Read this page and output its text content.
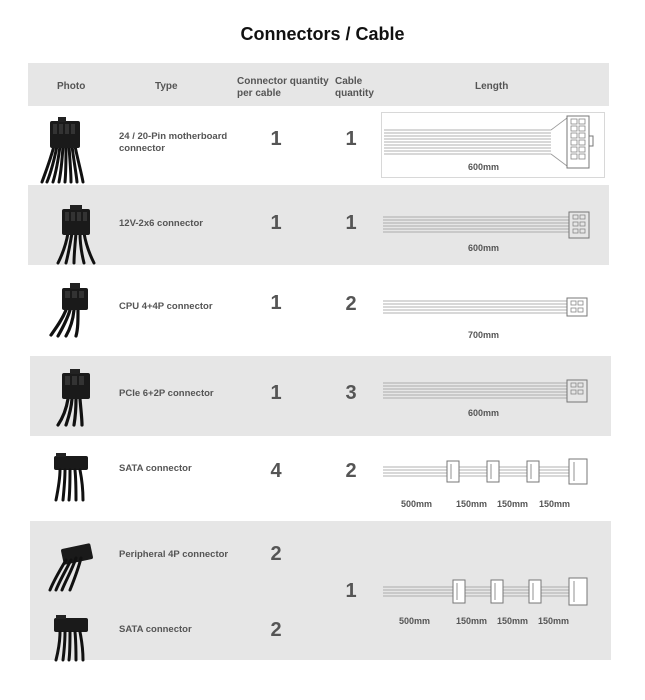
Connectors / Cable
Photo	Type	Connector quantity
per cable
Cable
quantity
Length
24 / 20-Pin motherboard
connector	1	1
600mm
12V-2x6 connector	1	1
600mm
CPU 4+4P connector	1	2
700mm
PCIe 6+2P connector	1	3
600mm
SATA connector	4	2
500mm	150mm 150mm 150mm
Peripheral 4P connector	2
SATA connector	2
1
500mm	150mm 150mm 150mm
